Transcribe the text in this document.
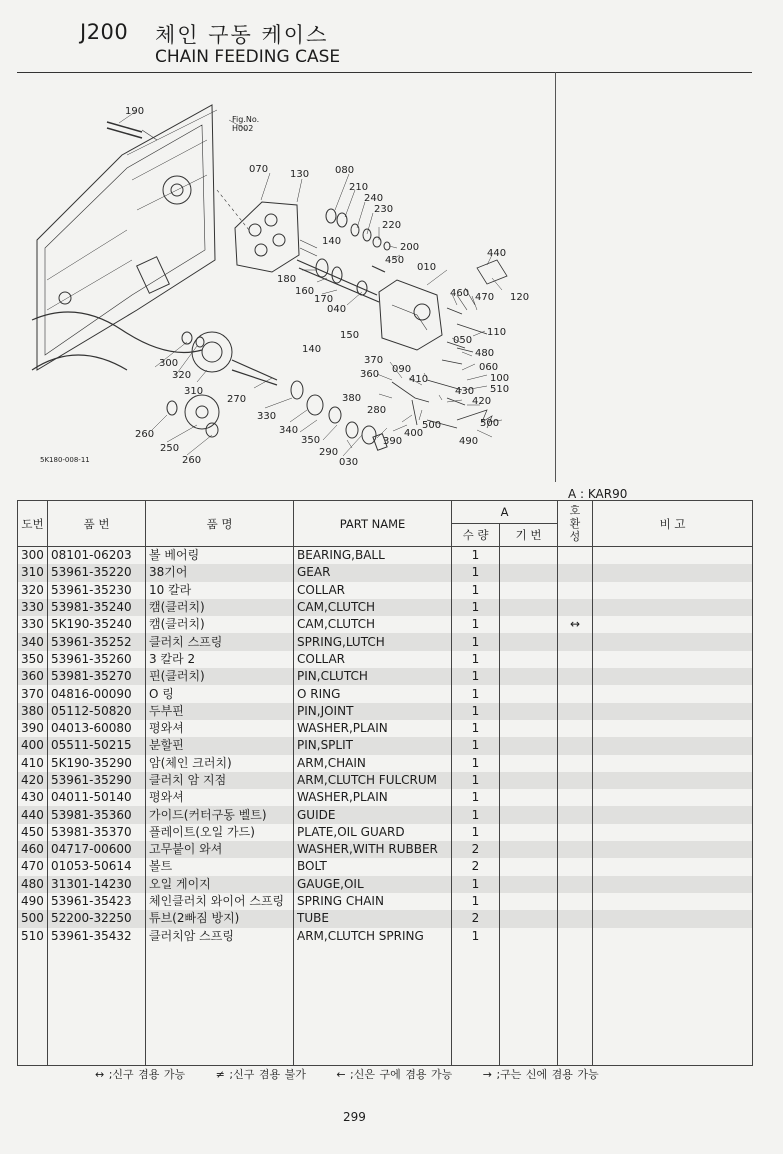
J200 체인 구동 케이스
CHAIN FEEDING CASE
190
070 130	080
210
240
230
220
140
200
450
440
010
180
160
170
040
460 470 120
110
050
480
140
150
300
320
310
270
370
360 090
410
060
100
510
380
430
420
330
340
280
350	390
400
500	500
260
250
260
290
030
490
Fig.No.
H002
5K180-008-11
A : KAR90
도번	품 번	품 명	PART NAME	A		호
환
성	비 고
				수 량	기 번		
300	08101-06203	볼 베어링	BEARING,BALL	1			
310	53961-35220	38기어	GEAR	1			
320	53961-35230	10 칼라	COLLAR	1			
330	53981-35240	캠(클러치)	CAM,CLUTCH	1			
330	5K190-35240	캠(클러치)	CAM,CLUTCH	1		↔	
340	53961-35252	클러치 스프링	SPRING,LUTCH	1			
350	53961-35260	3 칼라 2	COLLAR	1			
360	53981-35270	핀(클러치)	PIN,CLUTCH	1			
370	04816-00090	O 링	O RING	1			
380	05112-50820	두부핀	PIN,JOINT	1			
390	04013-60080	평와셔	WASHER,PLAIN	1			
400	05511-50215	분할핀	PIN,SPLIT	1			
410	5K190-35290	암(체인 크러치)	ARM,CHAIN	1			
420	53961-35290	클러치 암 지점	ARM,CLUTCH FULCRUM	1			
430	04011-50140	평와셔	WASHER,PLAIN	1			
440	53981-35360	가이드(커터구동 벨트)	GUIDE	1			
450	53981-35370	플레이트(오일 가드)	PLATE,OIL GUARD	1			
460	04717-00600	고무붙이 와셔	WASHER,WITH RUBBER	2			
470	01053-50614	볼트	BOLT	2			
480	31301-14230	오일 게이지	GAUGE,OIL	1			
490	53961-35423	체인클러치 와이어 스프링	SPRING CHAIN	1			
500	52200-32250	튜브(2빠짐 방지)	TUBE	2			
510	53961-35432	클러치암 스프링	ARM,CLUTCH SPRING	1			

↔ ;신구 겸용 가능	≠ ;신구 겸용 불가	← ;신은 구에 겸용 가능	→ ;구는 신에 겸용 가능
299
